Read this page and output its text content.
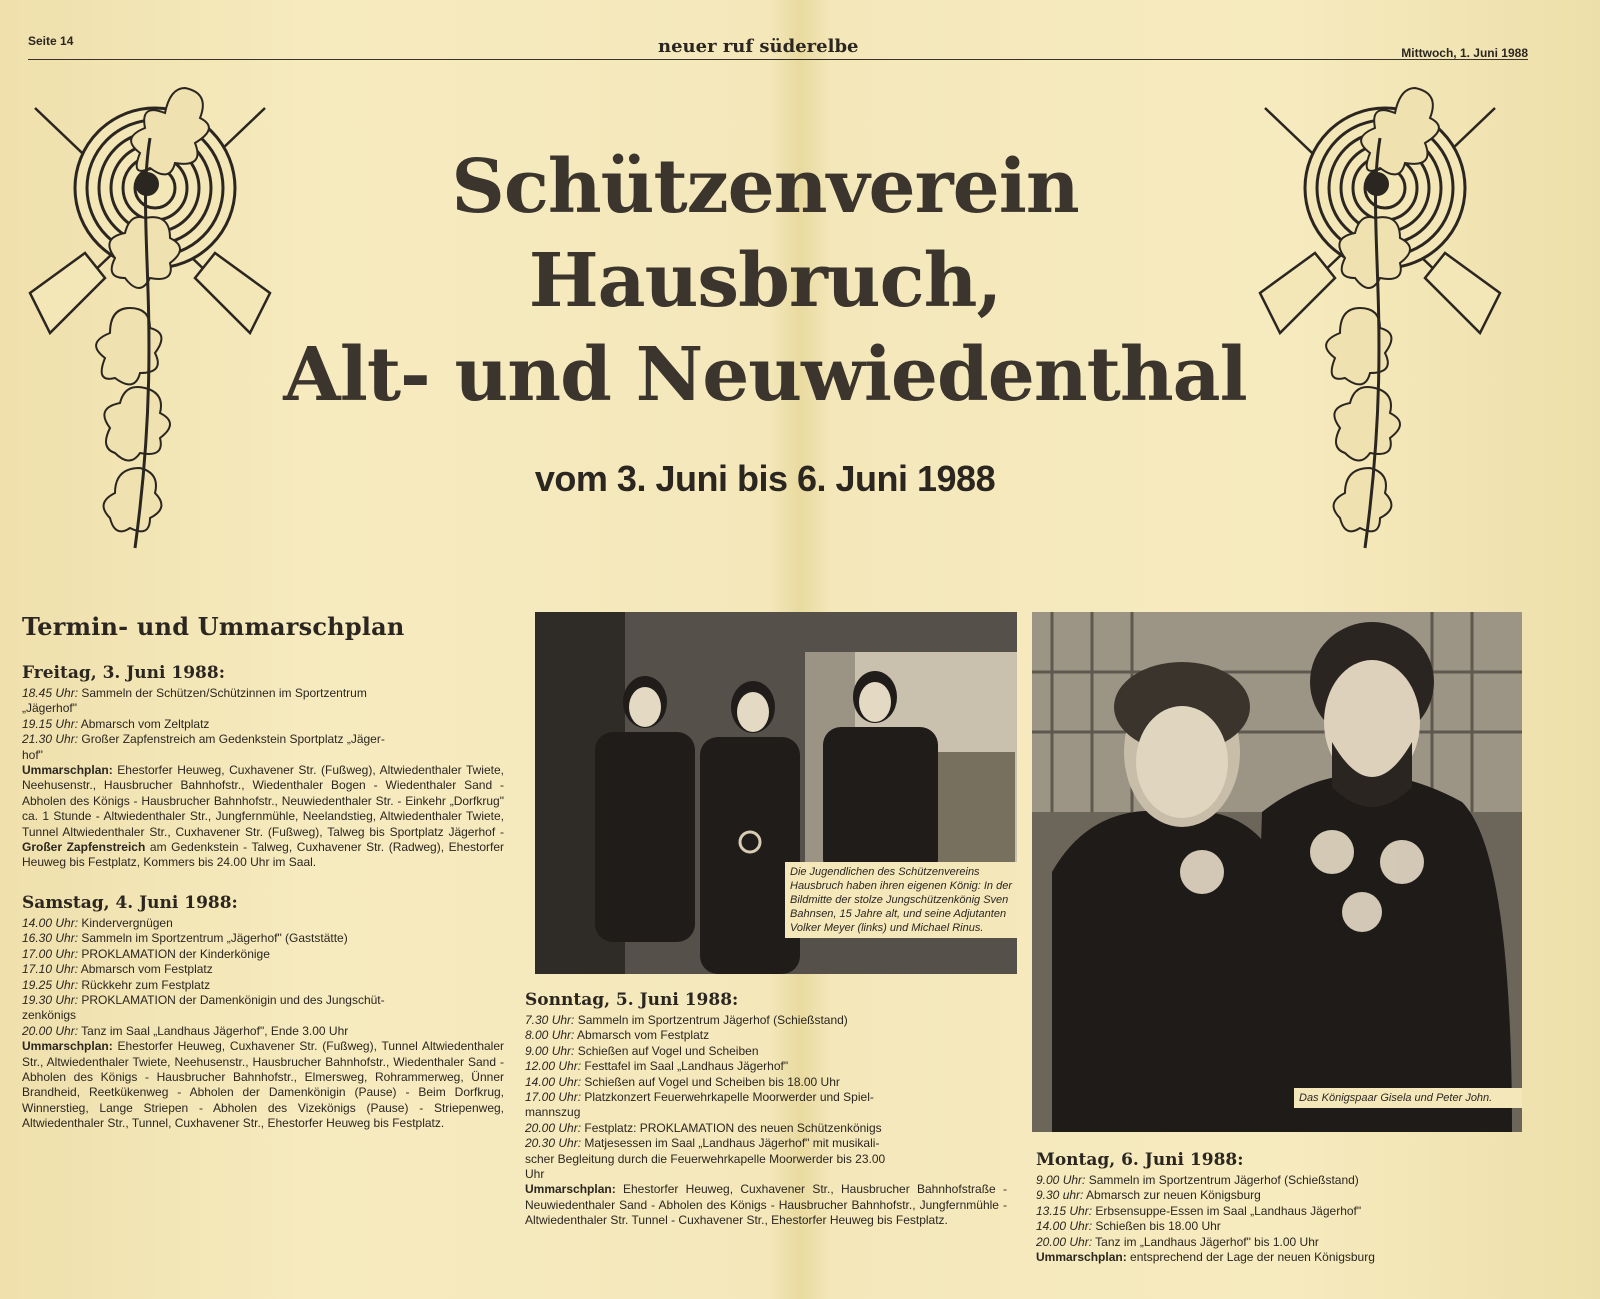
Seite 14	neuer ruf süderelbe	Mittwoch, 1. Juni 1988
Schützenverein
Hausbruch,
Alt- und Neuwiedenthal
vom 3. Juni bis 6. Juni 1988
Termin- und Ummarschplan
Freitag, 3. Juni 1988:
18.45 Uhr: Sammeln der Schützen/Schützinnen im Sportzentrum
„Jägerhof"
19.15 Uhr: Abmarsch vom Zeltplatz
21.30 Uhr: Großer Zapfenstreich am Gedenkstein Sportplatz „Jäger-
hof"
Ummarschplan: Ehestorfer Heuweg, Cuxhavener Str. (Fußweg), Altwiedenthaler Twiete, Neehusenstr., Hausbrucher Bahnhofstr., Wiedenthaler Bogen - Wiedenthaler Sand - Abholen des Königs - Hausbrucher Bahnhofstr., Neuwiedenthaler Str. - Einkehr „Dorfkrug" ca. 1 Stunde - Altwiedenthaler Str., Jungfernmühle, Neelandstieg, Altwiedenthaler Twiete, Tunnel Altwiedenthaler Str., Cuxhavener Str. (Fußweg), Talweg bis Sportplatz Jägerhof - Großer Zapfenstreich am Gedenkstein - Talweg, Cuxhavener Str. (Radweg), Ehestorfer Heuweg bis Festplatz, Kommers bis 24.00 Uhr im Saal.
Samstag, 4. Juni 1988:
14.00 Uhr: Kindervergnügen
16.30 Uhr: Sammeln im Sportzentrum „Jägerhof" (Gaststätte)
17.00 Uhr: PROKLAMATION der Kinderkönige
17.10 Uhr: Abmarsch vom Festplatz
19.25 Uhr: Rückkehr zum Festplatz
19.30 Uhr: PROKLAMATION der Damenkönigin und des Jungschüt-
zenkönigs
20.00 Uhr: Tanz im Saal „Landhaus Jägerhof", Ende 3.00 Uhr
Ummarschplan: Ehestorfer Heuweg, Cuxhavener Str. (Fußweg), Tunnel Altwiedenthaler Str., Altwiedenthaler Twiete, Neehusenstr., Hausbrucher Bahnhofstr., Wiedenthaler Sand - Abholen des Königs - Hausbrucher Bahnhofstr., Elmersweg, Rohrammerweg, Ünner Brandheid, Reetkükenweg - Abholen der Damenkönigin (Pause) - Beim Dorfkrug, Winnerstieg, Lange Striepen - Abholen des Vizekönigs (Pause) - Striepenweg, Altwiedenthaler Str., Tunnel, Cuxhavener Str., Ehestorfer Heuweg bis Festplatz.
Die Jugendlichen des Schützenvereins Hausbruch haben ihren eigenen König: In der Bildmitte der stolze Jungschützenkönig Sven Bahnsen, 15 Jahre alt, und seine Adjutanten Volker Meyer (links) und Michael Rinus.
Sonntag, 5. Juni 1988:
7.30 Uhr: Sammeln im Sportzentrum Jägerhof (Schießstand)
8.00 Uhr: Abmarsch vom Festplatz
9.00 Uhr: Schießen auf Vogel und Scheiben
12.00 Uhr: Festtafel im Saal „Landhaus Jägerhof"
14.00 Uhr: Schießen auf Vogel und Scheiben bis 18.00 Uhr
17.00 Uhr: Platzkonzert Feuerwehrkapelle Moorwerder und Spiel-
mannszug
20.00 Uhr: Festplatz: PROKLAMATION des neuen Schützenkönigs
20.30 Uhr: Matjesessen im Saal „Landhaus Jägerhof" mit musikali-
scher Begleitung durch die Feuerwehrkapelle Moorwerder bis 23.00
Uhr
Ummarschplan: Ehestorfer Heuweg, Cuxhavener Str., Hausbrucher Bahnhofstraße - Neuwiedenthaler Sand - Abholen des Königs - Hausbrucher Bahnhofstr., Jungfernmühle - Altwiedenthaler Str. Tunnel - Cuxhavener Str., Ehestorfer Heuweg bis Festplatz.
Das Königspaar Gisela und Peter John.
Montag, 6. Juni 1988:
9.00 Uhr: Sammeln im Sportzentrum Jägerhof (Schießstand)
9.30 uhr: Abmarsch zur neuen Königsburg
13.15 Uhr: Erbsensuppe-Essen im Saal „Landhaus Jägerhof"
14.00 Uhr: Schießen bis 18.00 Uhr
20.00 Uhr: Tanz im „Landhaus Jägerhof" bis 1.00 Uhr
Ummarschplan: entsprechend der Lage der neuen Königsburg
